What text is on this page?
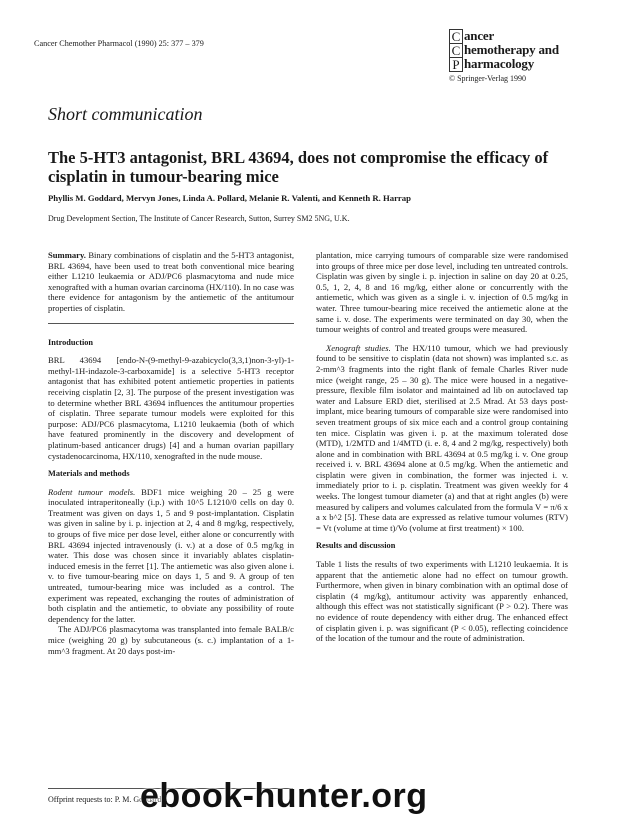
Cancer Chemother Pharmacol (1990) 25: 377 – 379	C ancer
C hemotherapy and
P harmacology
© Springer-Verlag 1990
Short communication
The 5-HT3 antagonist, BRL 43694, does not compromise the efficacy of cisplatin in tumour-bearing mice
Phyllis M. Goddard, Mervyn Jones, Linda A. Pollard, Melanie R. Valenti, and Kenneth R. Harrap
Drug Development Section, The Institute of Cancer Research, Sutton, Surrey SM2 5NG, U.K.

Summary. Binary combinations of cisplatin and the 5-HT3 antagonist, BRL 43694, have been used to treat both conventional mice bearing either L1210 leukaemia or ADJ/PC6 plasmacytoma and nude mice xenografted with a human ovarian carcinoma (HX/110). In no case was there evidence for antagonism by the antiemetic of the antitumour properties of cisplatin.

Introduction

BRL 43694 [endo-N-(9-methyl-9-azabicyclo(3,3,1)non-3-yl)-1-methyl-1H-indazole-3-carboxamide] is a selective 5-HT3 receptor antagonist that has exhibited potent antiemetic properties in patients receiving cisplatin [2, 3]. The purpose of the present investigation was to determine whether BRL 43694 influences the antitumour properties of cisplatin. Three separate tumour models were exploited for this purpose: ADJ/PC6 plasmacytoma, L1210 leukaemia (both of which have featured prominently in the discovery and development of platinum-based anticancer drugs) [4] and a human ovarian papillary cystadenocarcinoma, HX/110, xenografted in the nude mouse.

Materials and methods

Rodent tumour models. BDF1 mice weighing 20 – 25 g were inoculated intraperitoneally (i.p.) with 10^5 L1210/0 cells on day 0. Treatment was given on days 1, 5 and 9 post-implantation. Cisplatin was given in saline by i. p. injection at 2, 4 and 8 mg/kg, respectively, to groups of five mice per dose level, either alone or concurrently with BRL 43694 injected intravenously (i. v.) at a dose of 0.5 mg/kg in water. This dose was chosen since it invariably ablates cisplatin-induced emesis in the ferret [1]. The antiemetic was also given alone i. v. to five tumour-bearing mice on days 1, 5 and 9. A group of ten untreated, tumour-bearing mice was included as a control. The experiment was repeated, exchanging the routes of administration of both cisplatin and the antiemetic, to obviate any possibility of route dependency for the latter.

The ADJ/PC6 plasmacytoma was transplanted into female BALB/c mice (weighing 20 g) by subcutaneous (s. c.) implantation of a 1-mm^3 fragment. At 20 days post-im-

plantation, mice carrying tumours of comparable size were randomised into groups of three mice per dose level, including ten untreated controls. Cisplatin was given by single i. p. injection in saline on day 20 at 0.25, 0.5, 1, 2, 4, 8 and 16 mg/kg, either alone or concurrently with the antiemetic, which was given as a single i. v. injection of 0.5 mg/kg in water. Three tumour-bearing mice received the antiemetic alone at the same i. v. dose. The experiments were terminated on day 30, when the tumour weights of control and treated groups were measured.

Xenograft studies. The HX/110 tumour, which we had previously found to be sensitive to cisplatin (data not shown) was implanted s.c. as 2-mm^3 fragments into the right flank of female Charles River nude mice (weight range, 25 – 30 g). The mice were housed in a negative-pressure, flexible film isolator and maintained ad lib on autoclaved tap water and Labsure ERD diet, sterilised at 2.5 Mrad. At 53 days post-implant, mice bearing tumours of comparable size were randomised into seven treatment groups of six mice each and a control group containing ten mice. Cisplatin was given i. p. at the maximum tolerated dose (MTD), 1/2MTD and 1/4MTD (i. e. 8, 4 and 2 mg/kg, respectively) both alone and in combination with BRL 43694 at 0.5 mg/kg i. v. One group received i. v. BRL 43694 alone at 0.5 mg/kg. When the antiemetic and cisplatin were given in combination, the former was injected i. v. immediately prior to i. p. cisplatin. Treatment was given weekly for 4 weeks. The longest tumour diameter (a) and that at right angles (b) were measured by calipers and volumes calculated from the formula V = π/6 x a x b^2 [5]. These data are expressed as relative tumour volumes (RTV) = Vt (volume at time t)/Vo (volume at first treatment) × 100.

Results and discussion

Table 1 lists the results of two experiments with L1210 leukaemia. It is apparent that the antiemetic alone had no effect on tumour growth. Furthermore, when given in binary combination with an optimal dose of cisplatin (4 mg/kg), antitumour activity was apparently enhanced, although this effect was not statistically significant (P > 0.2). There was no evidence of route dependency with either drug. The enhanced effect of cisplatin given i. p. was significant (P < 0.05), reflecting coincidence of the location of the tumour and the route of administration.

Offprint requests to: P. M. Goddard
ebook-hunter.org
